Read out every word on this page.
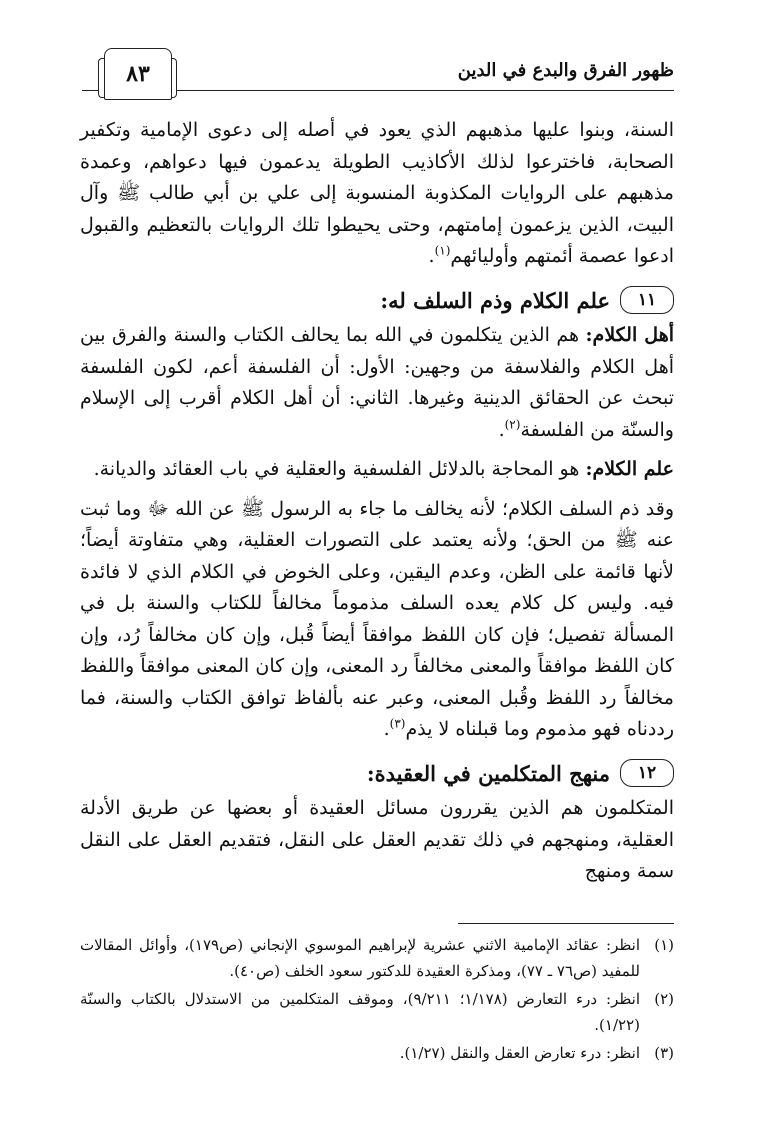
ظهور الفرق والبدع في الدين
٨٣

السنة، وبنوا عليها مذهبهم الذي يعود في أصله إلى دعوى الإمامية وتكفير الصحابة، فاخترعوا لذلك الأكاذيب الطويلة يدعمون فيها دعواهم، وعمدة مذهبهم على الروايات المكذوبة المنسوبة إلى علي بن أبي طالب ﷺ وآل البيت، الذين يزعمون إمامتهم، وحتى يحيطوا تلك الروايات بالتعظيم والقبول ادعوا عصمة أئمتهم وأوليائهم$^{(١)}$.

١١
علم الكلام وذم السلف له:

أهل الكلام: هم الذين يتكلمون في الله بما يحالف الكتاب والسنة والفرق بين أهل الكلام والفلاسفة من وجهين: الأول: أن الفلسفة أعم، لكون الفلسفة تبحث عن الحقائق الدينية وغيرها. الثاني: أن أهل الكلام أقرب إلى الإسلام والسنّة من الفلسفة$^{(٢)}$.

علم الكلام: هو المحاجة بالدلائل الفلسفية والعقلية في باب العقائد والديانة.

وقد ذم السلف الكلام؛ لأنه يخالف ما جاء به الرسول ﷺ عن الله ﷻ وما ثبت عنه ﷺ من الحق؛ ولأنه يعتمد على التصورات العقلية، وهي متفاوتة أيضاً؛ لأنها قائمة على الظن، وعدم اليقين، وعلى الخوض في الكلام الذي لا فائدة فيه. وليس كل كلام يعده السلف مذموماً مخالفاً للكتاب والسنة بل في المسألة تفصيل؛ فإن كان اللفظ موافقاً أيضاً قُبل، وإن كان مخالفاً رُد، وإن كان اللفظ موافقاً والمعنى مخالفاً رد المعنى، وإن كان المعنى موافقاً واللفظ مخالفاً رد اللفظ وقُبل المعنى، وعبر عنه بألفاظ توافق الكتاب والسنة، فما رددناه فهو مذموم وما قبلناه لا يذم$^{(٣)}$.

١٢
منهج المتكلمين في العقيدة:

المتكلمون هم الذين يقررون مسائل العقيدة أو بعضها عن طريق الأدلة العقلية، ومنهجهم في ذلك تقديم العقل على النقل، فتقديم العقل على النقل سمة ومنهج

(١)
انظر: عقائد الإمامية الاثني عشرية لإبراهيم الموسوي الإنجاني (ص١٧٩)، وأوائل المقالات للمفيد (ص٧٦ ـ ٧٧)، ومذكرة العقيدة للدكتور سعود الخلف (ص٤٠).
(٢)
انظر: درء التعارض (١/١٧٨؛ ٩/٢١١)، وموقف المتكلمين من الاستدلال بالكتاب والسنّة (١/٢٢).
(٣)
انظر: درء تعارض العقل والنقل (١/٢٧).
